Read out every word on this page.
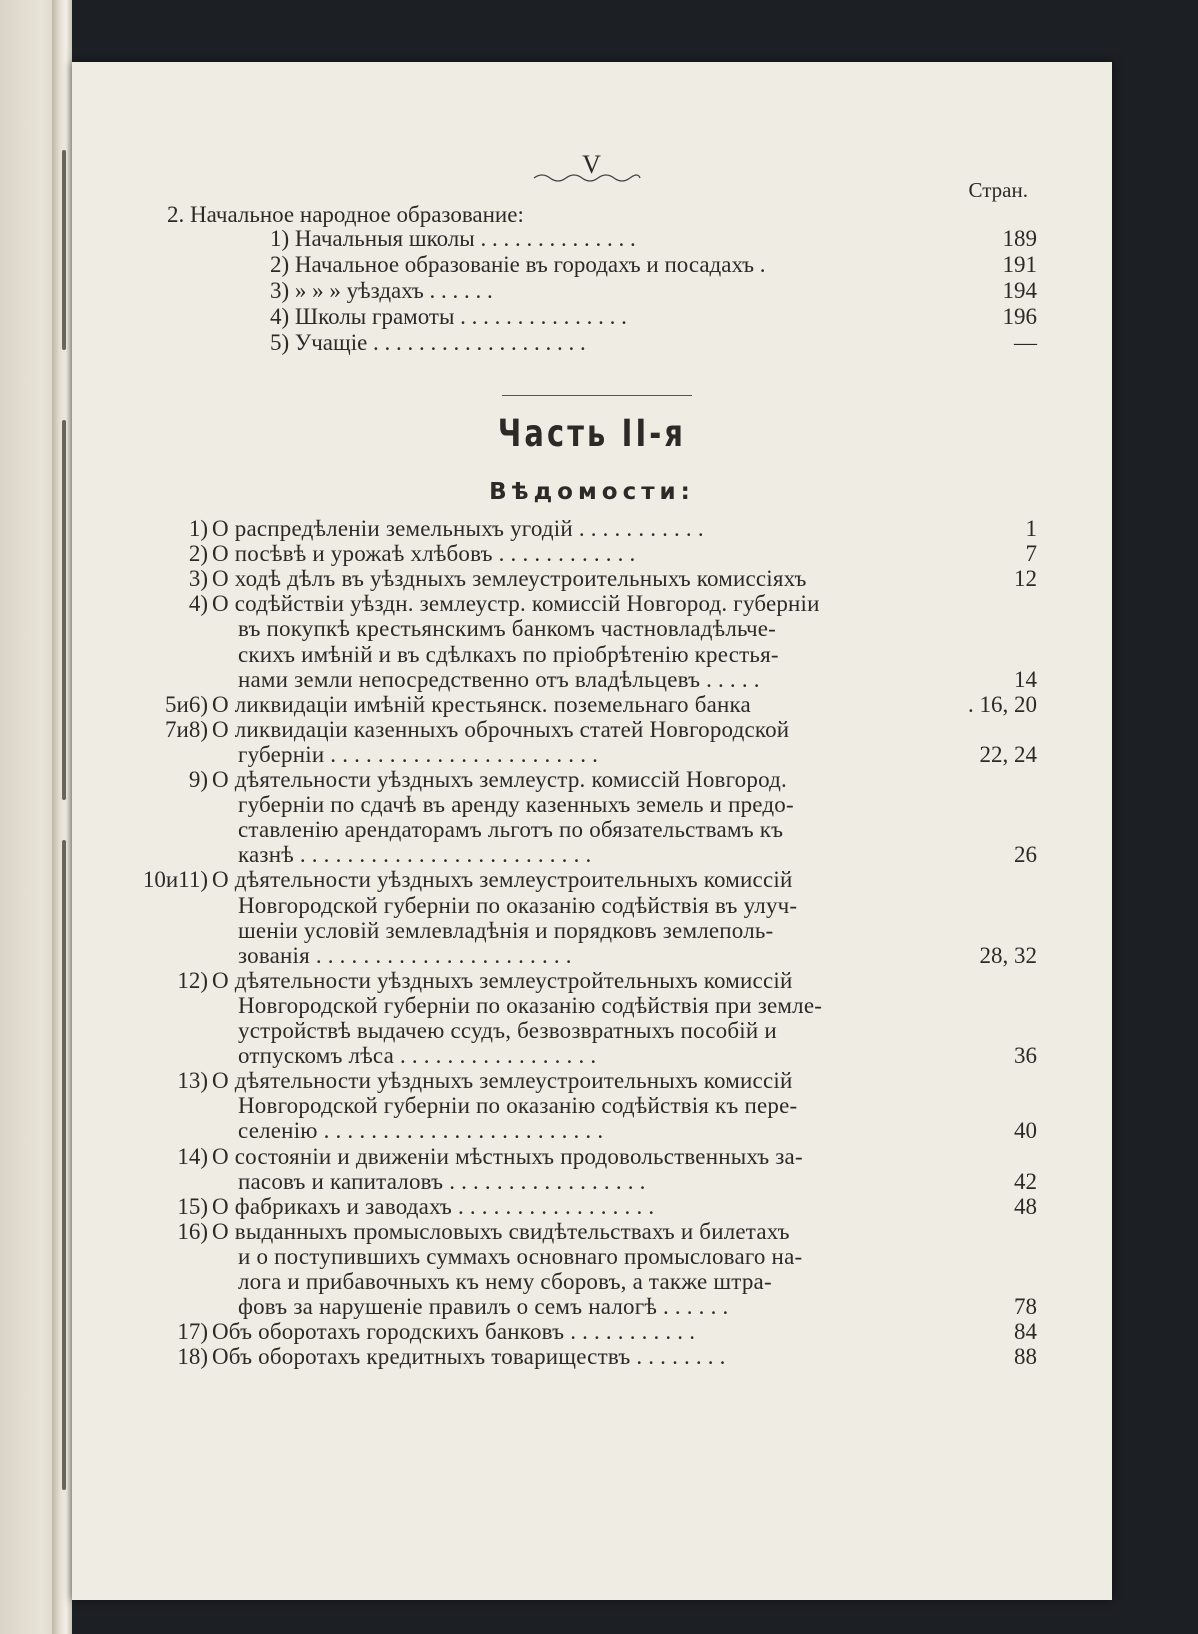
V
Стран.
2. Начальное народное образование:
1) Начальныя школы . . . . . . . . . . . . . .	189
2) Начальное образованіе въ городахъ и посадахъ .	191
3) » » » уѣздахъ . . . . . .	194
4) Школы грамоты . . . . . . . . . . . . . . .	196
5) Учащіе . . . . . . . . . . . . . . . . . . .	—
Часть II-я
Вѣдомости:
1) О распредѣленіи земельныхъ угодій . . . . . . . . . . .	1
2) О посѣвѣ и урожаѣ хлѣбовъ . . . . . . . . . . . .	7
3) О ходѣ дѣлъ въ уѣздныхъ землеустроительныхъ комиссіяхъ	12
4) О содѣйствіи уѣздн. землеустр. комиссій Новгород. губерніи
въ покупкѣ крестьянскимъ банкомъ частновладѣльче-
скихъ имѣній и въ сдѣлкахъ по пріобрѣтенію крестья-
нами земли непосредственно отъ владѣльцевъ . . . . .	14
5и6) О ликвидаціи имѣній крестьянск. поземельнаго банка	. 16, 20
7и8) О ликвидаціи казенныхъ оброчныхъ статей Новгородской
губерніи . . . . . . . . . . . . . . . . . . . . . . .	22, 24
9) О дѣятельности уѣздныхъ землеустр. комиссій Новгород.
губерніи по сдачѣ въ аренду казенныхъ земель и предо-
ставленію арендаторамъ льготъ по обязательствамъ къ
казнѣ . . . . . . . . . . . . . . . . . . . . . . . . .	26
10и11) О дѣятельности уѣздныхъ землеустроительныхъ комиссій
Новгородской губерніи по оказанію содѣйствія въ улуч-
шеніи условій землевладѣнія и порядковъ землеполь-
зованія . . . . . . . . . . . . . . . . . . . . . .	28, 32
12) О дѣятельности уѣздныхъ землеустройтельныхъ комиссій
Новгородской губерніи по оказанію содѣйствія при земле-
устройствѣ выдачею ссудъ, безвозвратныхъ пособій и
отпускомъ лѣса . . . . . . . . . . . . . . . . .	36
13) О дѣятельности уѣздныхъ землеустроительныхъ комиссій
Новгородской губерніи по оказанію содѣйствія къ пере-
селенію . . . . . . . . . . . . . . . . . . . . . . . .	40
14) О состояніи и движеніи мѣстныхъ продовольственныхъ за-
пасовъ и капиталовъ . . . . . . . . . . . . . . . . .	42
15) О фабрикахъ и заводахъ . . . . . . . . . . . . . . . . .	48
16) О выданныхъ промысловыхъ свидѣтельствахъ и билетахъ
и о поступившихъ суммахъ основнаго промысловаго на-
лога и прибавочныхъ къ нему сборовъ, а также штра-
фовъ за нарушеніе правилъ о семъ налогѣ . . . . . .	78
17) Объ оборотахъ городскихъ банковъ . . . . . . . . . . .	84
18) Объ оборотахъ кредитныхъ товариществъ . . . . . . . .	88
